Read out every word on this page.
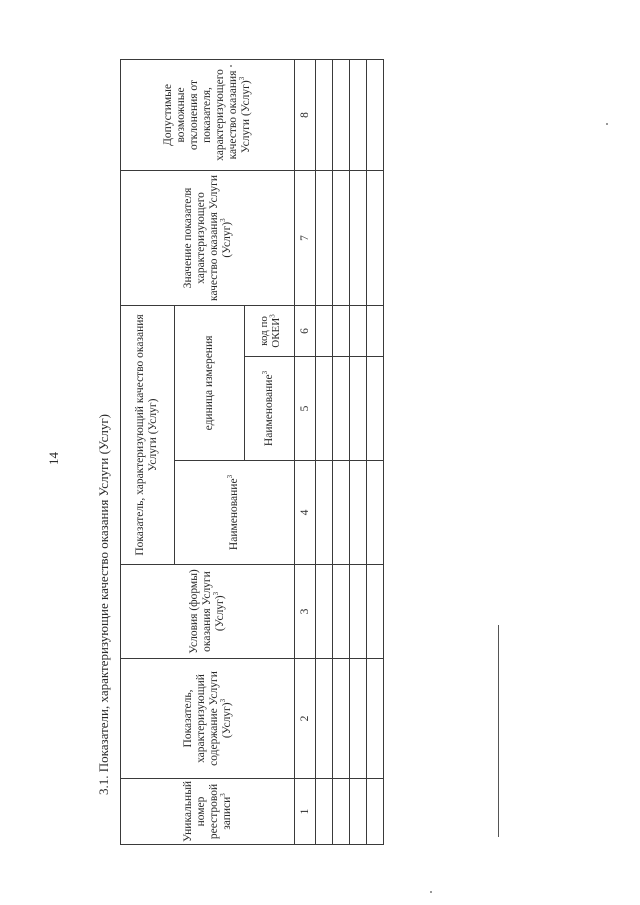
14	3.1. Показатели, характеризующие качество оказания Услуги (Услуг)
Уникальный номер реестровой записи$^3$	Показатель, характеризующий содержание Услуги (Услуг)$^3$	Условия (формы) оказания Услуги (Услуг)$^3$	Показатель, характеризующий качество оказания Услуги (Услуг)			Значение показателя характеризующего качество оказания Услуги (Услуг)$^3$	Допустимые возможные отклонения от показателя, характеризующего качество оказания Услуги (Услуг)$^3$
			Наименование$^3$	единица измерения			
				Наименование$^3$	код по ОКЕИ$^3$
1	2	3	4	5	6	7	8
